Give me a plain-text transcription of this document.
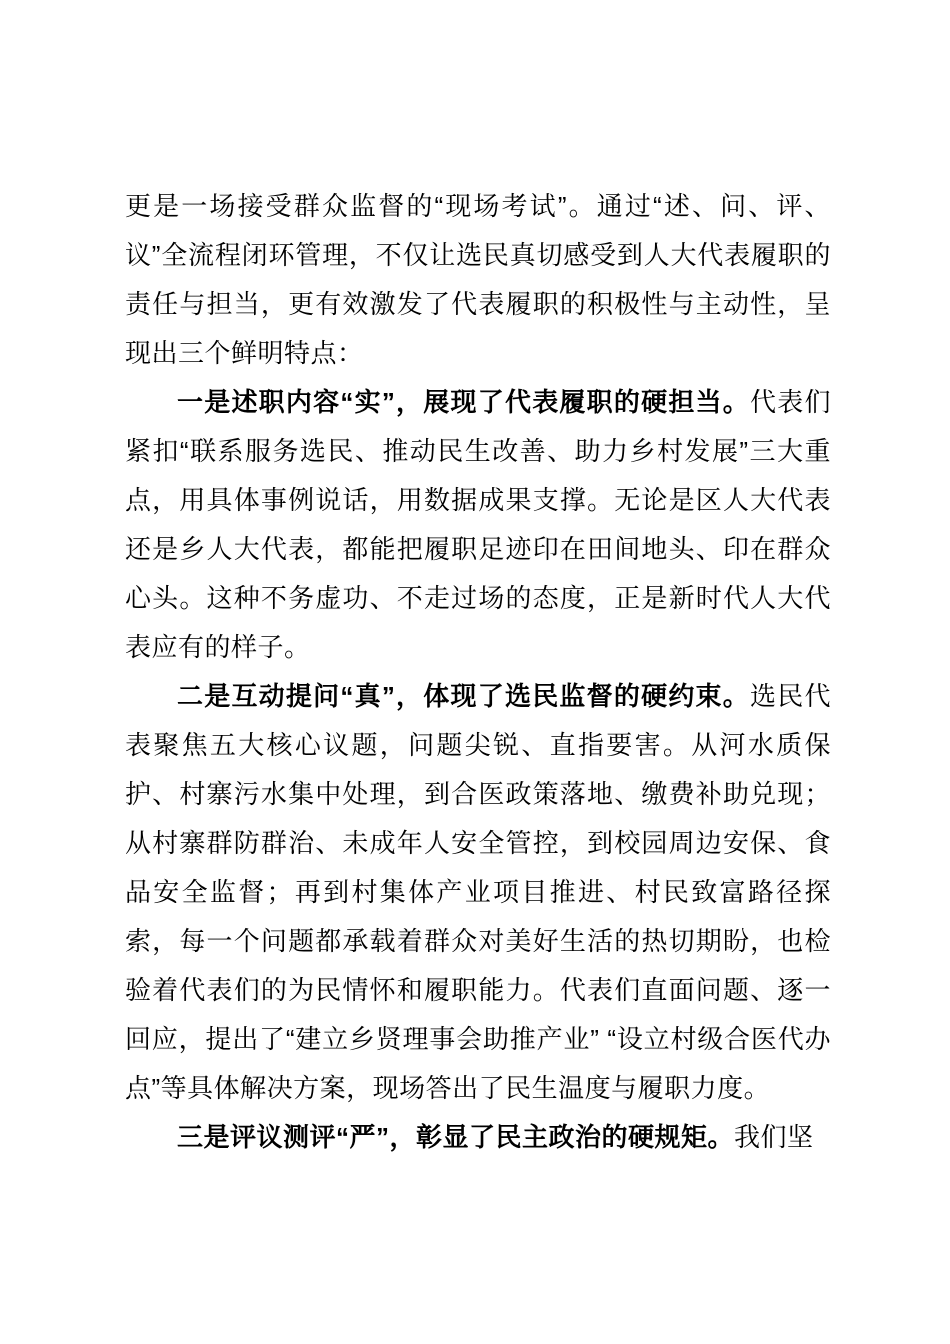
更是一场接受群众监督的“现场考试”。通过“述、问、评、议”全流程闭环管理，不仅让选民真切感受到人大代表履职的责任与担当，更有效激发了代表履职的积极性与主动性，呈现出三个鲜明特点：

一是述职内容“实”，展现了代表履职的硬担当。代表们紧扣“联系服务选民、推动民生改善、助力乡村发展”三大重点，用具体事例说话，用数据成果支撑。无论是区人大代表还是乡人大代表，都能把履职足迹印在田间地头、印在群众心头。这种不务虚功、不走过场的态度，正是新时代人大代表应有的样子。

二是互动提问“真”，体现了选民监督的硬约束。选民代表聚焦五大核心议题，问题尖锐、直指要害。从河水质保护、村寨污水集中处理，到合医政策落地、缴费补助兑现；从村寨群防群治、未成年人安全管控，到校园周边安保、食品安全监督；再到村集体产业项目推进、村民致富路径探索，每一个问题都承载着群众对美好生活的热切期盼，也检验着代表们的为民情怀和履职能力。代表们直面问题、逐一回应，提出了“建立乡贤理事会助推产业” “设立村级合医代办点”等具体解决方案，现场答出了民生温度与履职力度。

三是评议测评“严”，彰显了民主政治的硬规矩。我们坚
